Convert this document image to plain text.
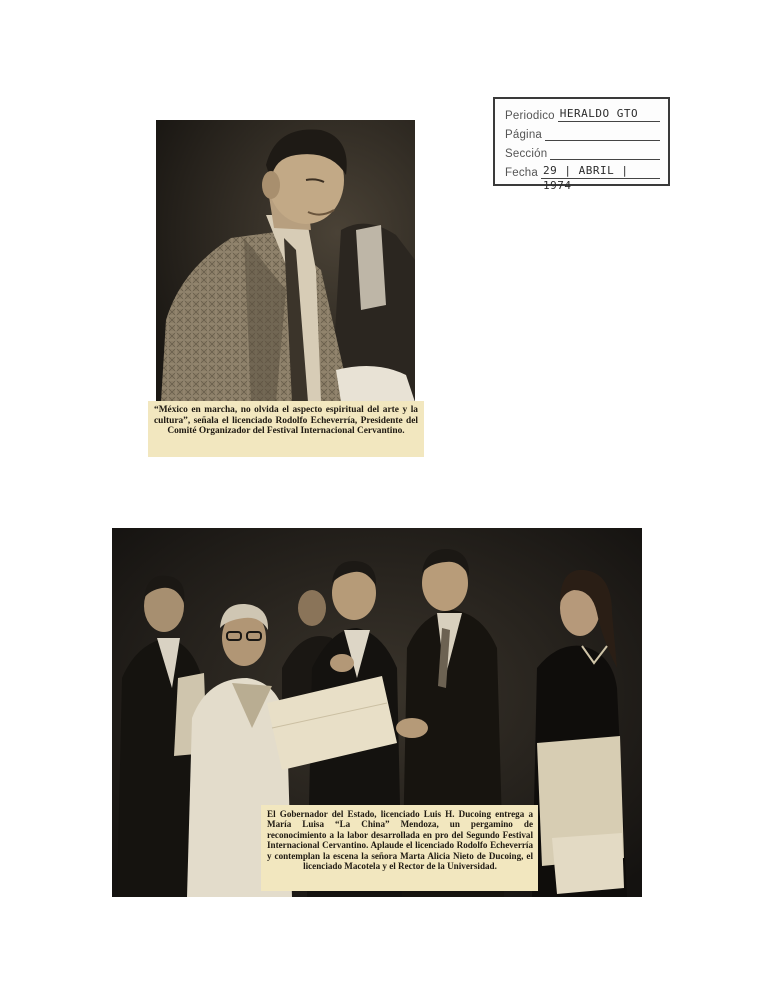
“México en marcha, no olvida el aspecto espiritual del arte y la cultura”, señala el licenciado Rodolfo Echeverría, Presidente del Comité Organizador del Festival Internacional Cervantino.
Periodico HERALDO GTO
Página
Sección
Fecha 29 | ABRIL | 1974
El Gobernador del Estado, licenciado Luis H. Ducoing entrega a María Luisa “La China” Mendoza, un pergamino de reconocimiento a la labor desarrollada en pro del Segundo Festival Internacional Cervantino. Aplaude el licenciado Rodolfo Echeverría y contemplan la escena la señora Marta Alicia Nieto de Ducoing, el licenciado Macotela y el Rector de la Universidad.
